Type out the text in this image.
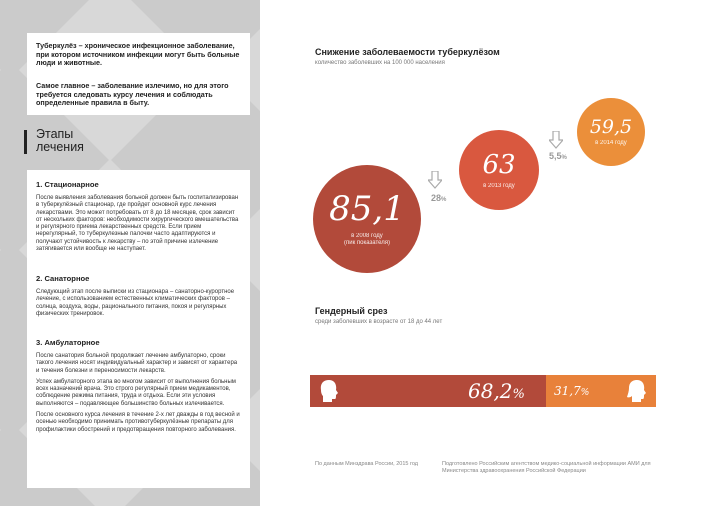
Туберкулёз – хроническое инфекционное заболевание, при котором источником инфекции могут быть больные люди и животные.

Самое главное – заболевание излечимо, но для этого требуется следовать курсу лечения и соблюдать определенные правила в быту.

Этапы лечения
1. Стационарное

После выявления заболевания больной должен быть госпитализирован в туберкулёзный стационар, где пройдет основной курс лечения лекарствами. Это может потребовать от 8 до 18 месяцев, срок зависит от нескольких факторов: необходимости хирургического вмешательства и регулярного приема лекарственных средств. Если прием нерегулярный, то туберкулезные палочки часто адаптируются и получают устойчивость к лекарству – по этой причине излечение затягивается или вообще не наступает.

2. Санаторное

Следующий этап после выписки из стационара – санаторно-курортное лечение, с использованием естественных климатических факторов – солнца, воздуха, воды, рационального питания, покоя и регулярных физических тренировок.

3. Амбулаторное

После санатория больной продолжает лечение амбулаторно, сроки такого лечения носят индивидуальный характер и зависят от характера и течения болезни и переносимости лекарств.

Успех амбулаторного этапа во многом зависит от выполнения больным всех назначений врача. Это строго регулярный прием медикаментов, соблюдение режима питания, труда и отдыха. Если эти условия выполняются – подавляющее большинство больных излечивается.

После основного курса лечения в течение 2-х лет дважды в год весной и осенью необходимо принимать противотуберкулёзные препараты для профилактики обострений и предотвращения повторного заболевания.

Снижение заболеваемости туберкулёзом
количество заболевших на 100 000 населения
85,1
в 2008 году
(пик показателя)
28%
63
в 2013 году
5,5%
59,5
в 2014 году
Гендерный срез
среди заболевших в возрасте от 18 до 44 лет
68,2% 31,7%
По данным Минздрава России, 2015 год	Подготовлено Российским агентством медико-социальной информации АМИ для Министерства здравоохранения Российской Федерации
